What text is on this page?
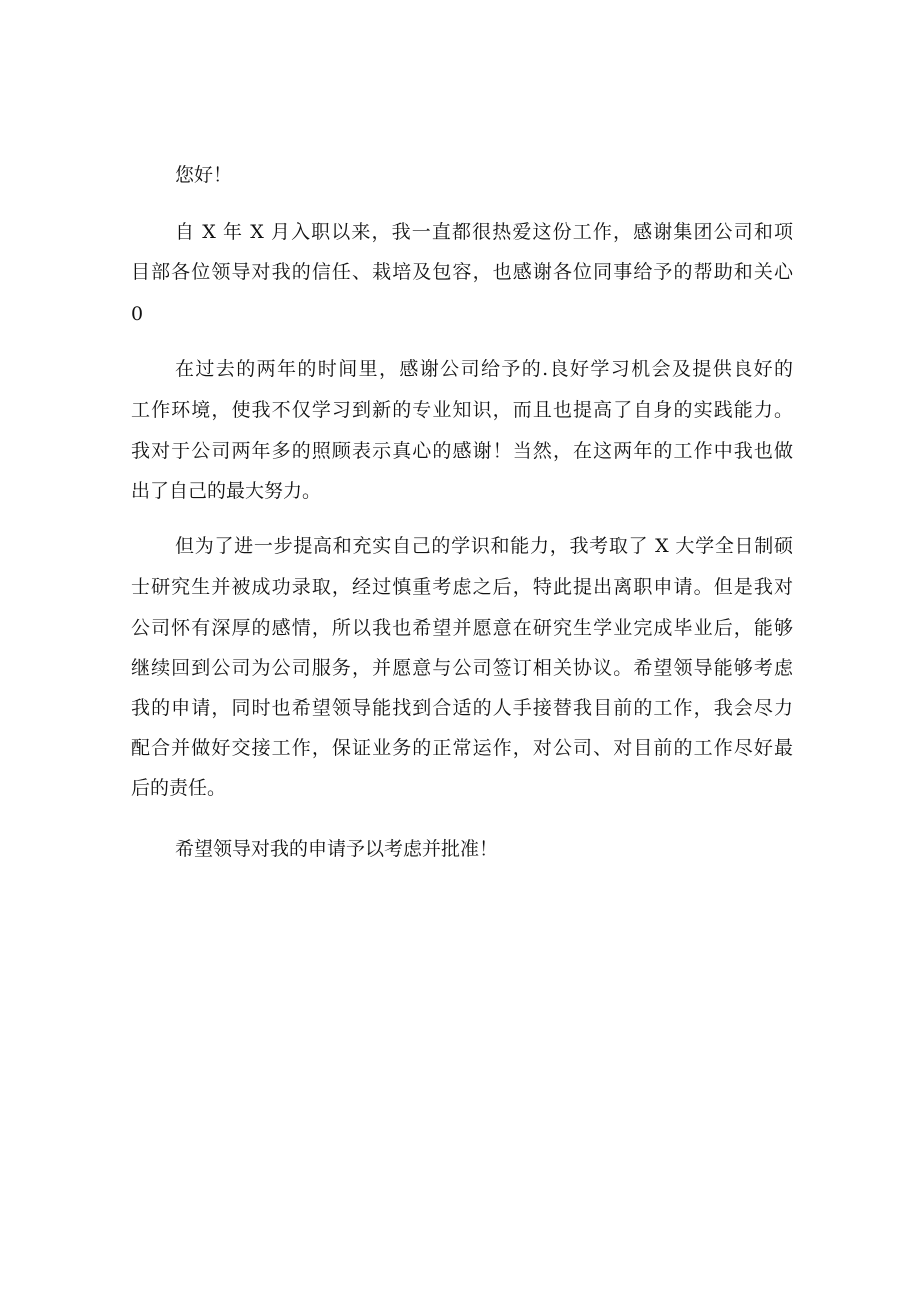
您好！
自 X 年 X 月入职以来，我一直都很热爱这份工作，感谢集团公司和项
目部各位领导对我的信任、栽培及包容，也感谢各位同事给予的帮助和关心
0
在过去的两年的时间里，感谢公司给予的.良好学习机会及提供良好的
工作环境，使我不仅学习到新的专业知识，而且也提高了自身的实践能力。
我对于公司两年多的照顾表示真心的感谢！当然，在这两年的工作中我也做
出了自己的最大努力。
但为了进一步提高和充实自己的学识和能力，我考取了 X 大学全日制硕
士研究生并被成功录取，经过慎重考虑之后，特此提出离职申请。但是我对
公司怀有深厚的感情，所以我也希望并愿意在研究生学业完成毕业后，能够
继续回到公司为公司服务，并愿意与公司签订相关协议。希望领导能够考虑
我的申请，同时也希望领导能找到合适的人手接替我目前的工作，我会尽力
配合并做好交接工作，保证业务的正常运作，对公司、对目前的工作尽好最
后的责任。
希望领导对我的申请予以考虑并批准！
